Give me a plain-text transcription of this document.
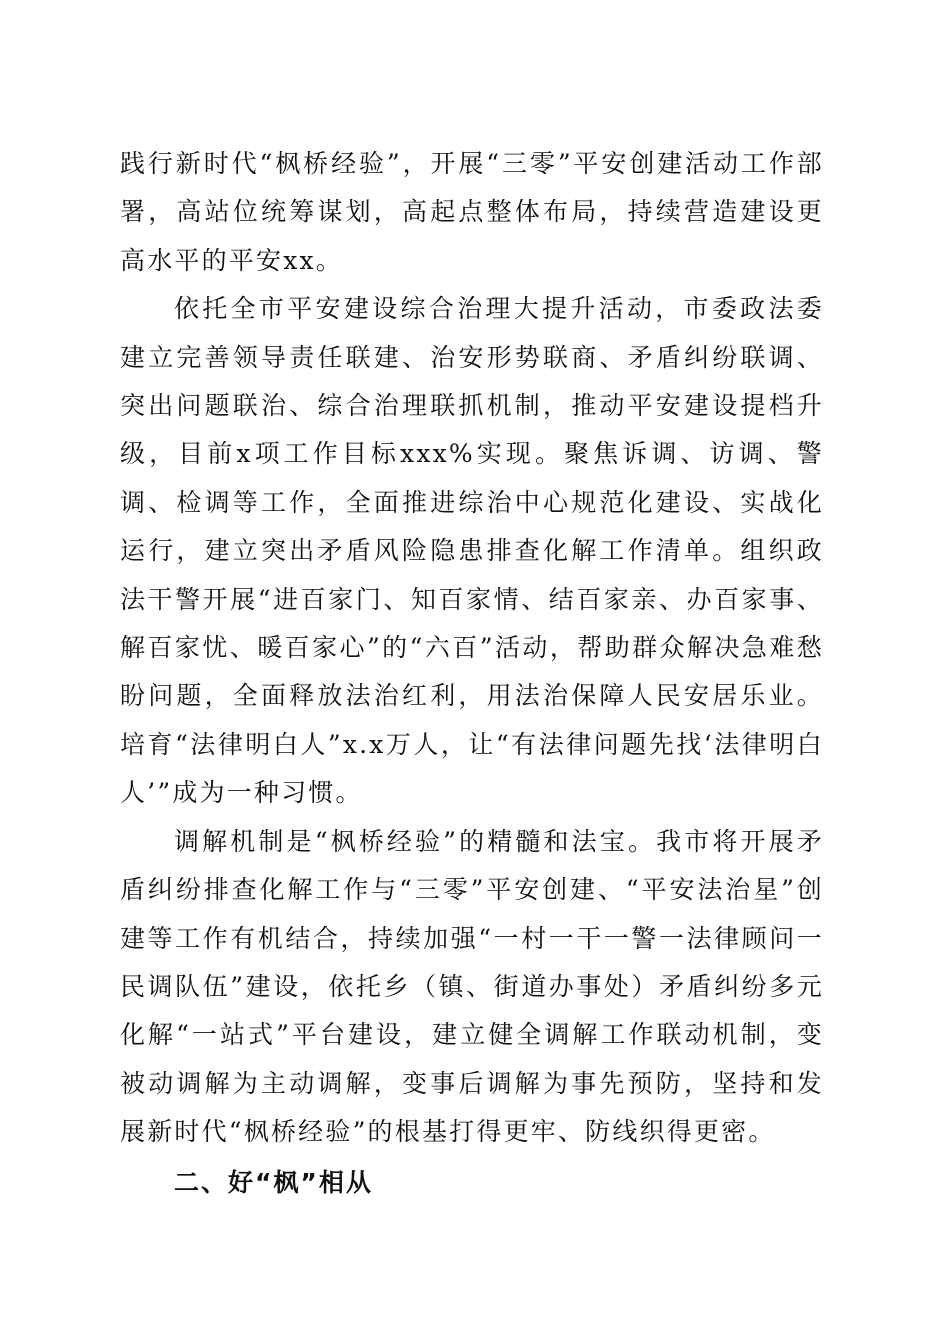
践行新时代“枫桥经验”，开展“三零”平安创建活动工作部署，高站位统筹谋划，高起点整体布局，持续营造建设更高水平的平安xx。

依托全市平安建设综合治理大提升活动，市委政法委建立完善领导责任联建、治安形势联商、矛盾纠纷联调、突出问题联治、综合治理联抓机制，推动平安建设提档升级，目前x项工作目标xxx%实现。聚焦诉调、访调、警调、检调等工作，全面推进综治中心规范化建设、实战化运行，建立突出矛盾风险隐患排查化解工作清单。组织政法干警开展“进百家门、知百家情、结百家亲、办百家事、解百家忧、暖百家心”的“六百”活动，帮助群众解决急难愁盼问题，全面释放法治红利，用法治保障人民安居乐业。培育“法律明白人”x.x万人，让“有法律问题先找‘法律明白人’”成为一种习惯。

调解机制是“枫桥经验”的精髓和法宝。我市将开展矛盾纠纷排查化解工作与“三零”平安创建、“平安法治星”创建等工作有机结合，持续加强“一村一干一警一法律顾问一民调队伍”建设，依托乡（镇、街道办事处）矛盾纠纷多元化解“一站式”平台建设，建立健全调解工作联动机制，变被动调解为主动调解，变事后调解为事先预防，坚持和发展新时代“枫桥经验”的根基打得更牢、防线织得更密。

二、好“枫”相从
